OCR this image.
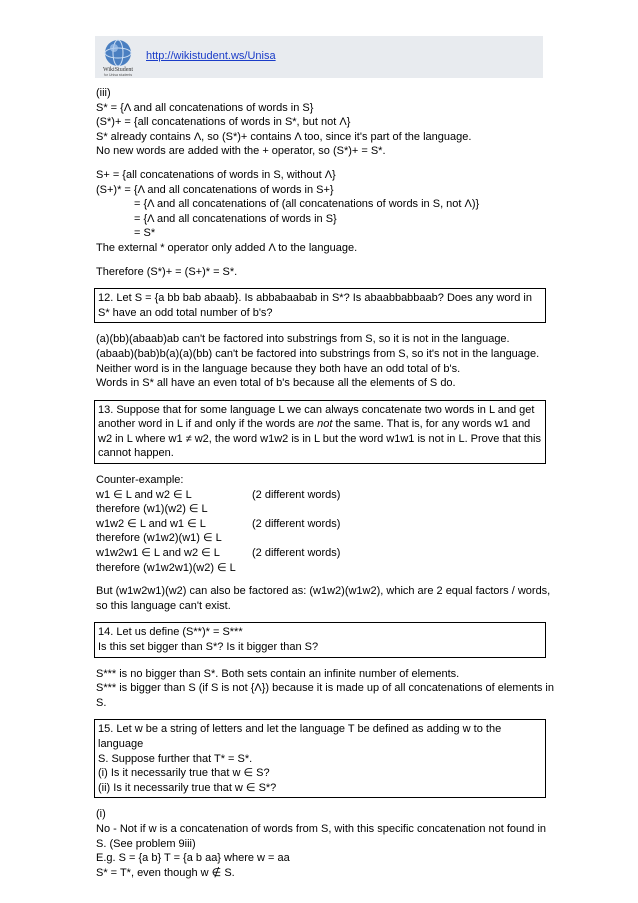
WikiStudent
for Unisa students
http://wikistudent.ws/Unisa

(iii)

S* = {Λ and all concatenations of words in S}

(S*)+ = {all concatenations of words in S*, but not Λ}

S* already contains Λ, so (S*)+ contains Λ too, since it's part of the language.

No new words are added with the + operator, so (S*)+ = S*.

S+ = {all concatenations of words in S, without Λ}

(S+)* = {Λ and all concatenations of words in S+}

= {Λ and all concatenations of (all concatenations of words in S, not Λ)}

= {Λ and all concatenations of words in S}

= S*

The external * operator only added Λ to the language.

Therefore (S*)+ = (S+)* = S*.

12. Let S = {a bb bab abaab}. Is abbabaabab in S*? Is abaabbabbaab? Does any word in S* have an odd total number of b's?

(a)(bb)(abaab)ab can't be factored into substrings from S, so it is not in the language.

(abaab)(bab)b(a)(a)(bb) can't be factored into substrings from S, so it's not in the language.

Neither word is in the language because they both have an odd total of b's.

Words in S* all have an even total of b's because all the elements of S do.

13. Suppose that for some language L we can always concatenate two words in L and get another word in L if and only if the words are not the same. That is, for any words w1 and w2 in L where w1 ≠ w2, the word w1w2 is in L but the word w1w1 is not in L. Prove that this cannot happen.

Counter-example:

w1 ∈ L and w2 ∈ L	(2 different words)

therefore (w1)(w2) ∈ L

w1w2 ∈ L and w1 ∈ L	(2 different words)

therefore (w1w2)(w1) ∈ L

w1w2w1 ∈ L and w2 ∈ L	(2 different words)

therefore (w1w2w1)(w2) ∈ L

But (w1w2w1)(w2) can also be factored as: (w1w2)(w1w2), which are 2 equal factors / words,

so this language can't exist.

14. Let us define (S**)* = S***

Is this set bigger than S*? Is it bigger than S?

S*** is no bigger than S*. Both sets contain an infinite number of elements.

S*** is bigger than S (if S is not {Λ}) because it is made up of all concatenations of elements in

S.

15. Let w be a string of letters and let the language T be defined as adding w to the language

S. Suppose further that T* = S*.

(i) Is it necessarily true that w ∈ S?

(ii) Is it necessarily true that w ∈ S*?

(i)

No - Not if w is a concatenation of words from S, with this specific concatenation not found in

S. (See problem 9iii)

E.g. S = {a b} T = {a b aa} where w = aa

S* = T*, even though w ∉ S.
